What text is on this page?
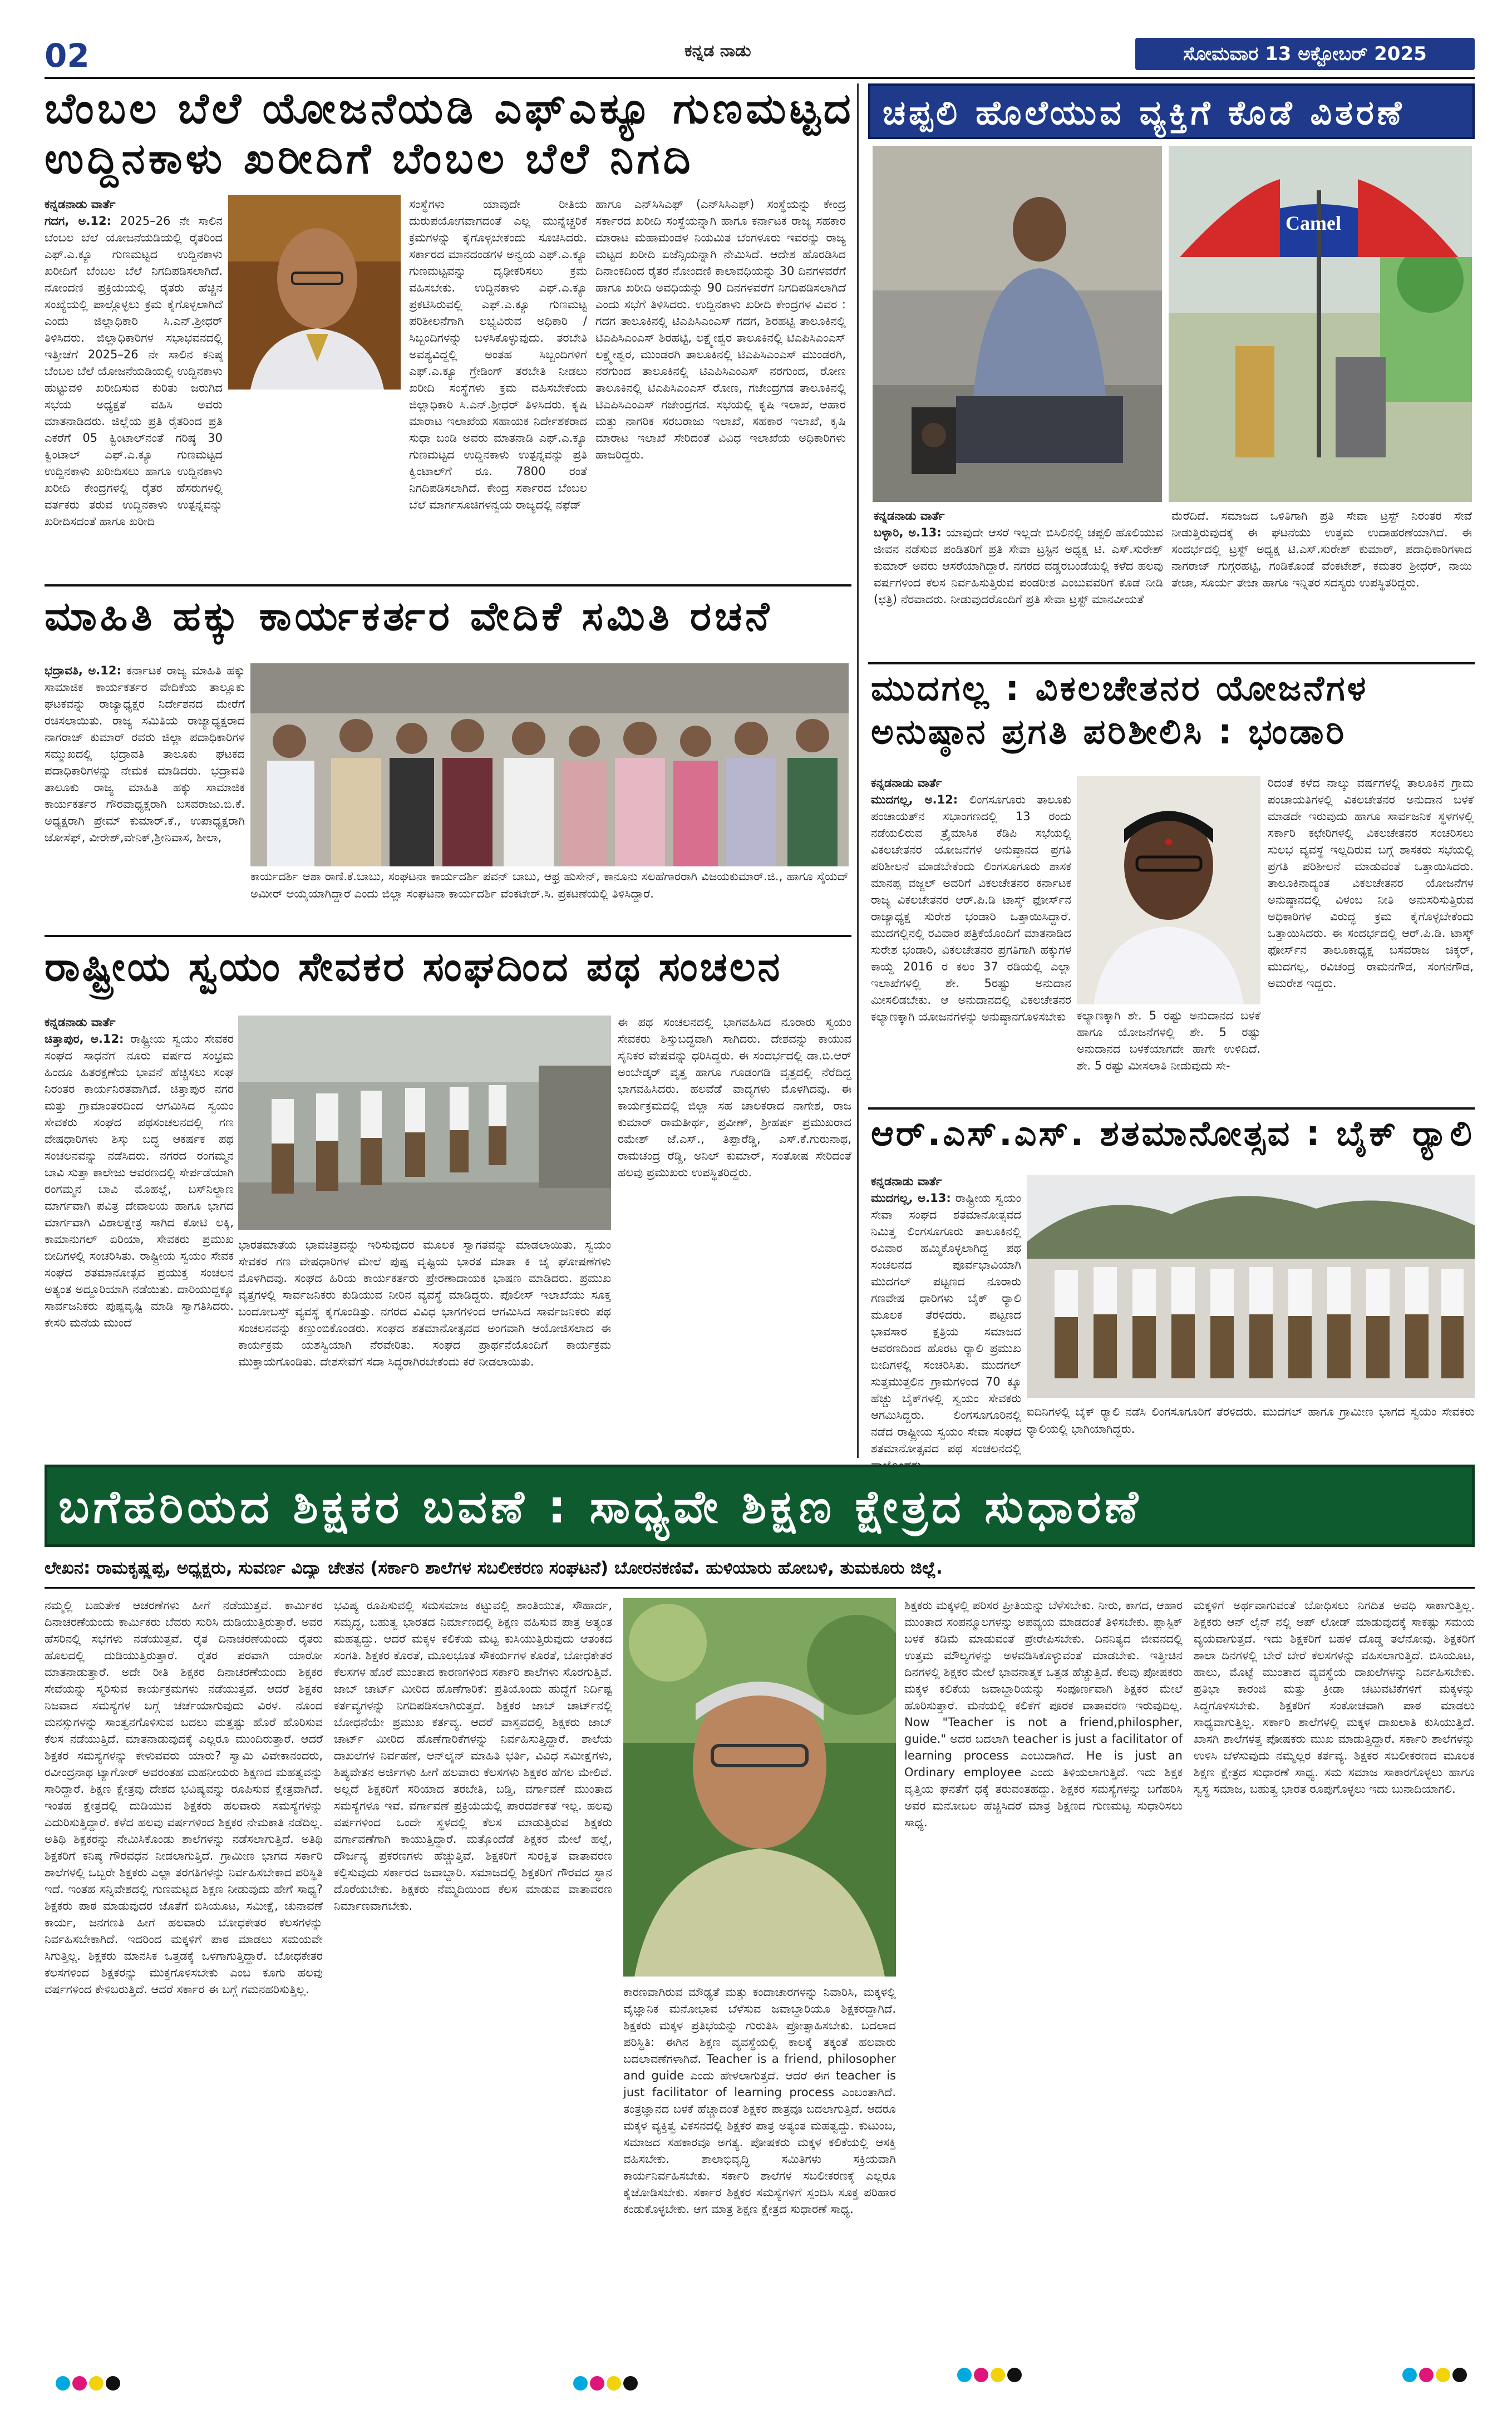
02	ಕನ್ನಡ ನಾಡು	ಸೋಮವಾರ 13 ಅಕ್ಟೋಬರ್ 2025
ಬೆಂಬಲ ಬೆಲೆ ಯೋಜನೆಯಡಿ ಎಫ್‌ಎಕ್ಯೂ ಗುಣಮಟ್ಟದ
ಉದ್ದಿನಕಾಳು ಖರೀದಿಗೆ ಬೆಂಬಲ ಬೆಲೆ ನಿಗದಿ
ಕನ್ನಡನಾಡು ವಾರ್ತೆ
ಗದಗ, ಅ.12: 2025–26 ನೇ ಸಾಲಿನ ಬೆಂಬಲ ಬೆಲೆ ಯೋಜನೆಯಡಿಯಲ್ಲಿ ರೈತರಿಂದ ಎಫ್.ಎ.ಕ್ಯೂ ಗುಣಮಟ್ಟದ ಉದ್ದಿನಕಾಳು ಖರೀದಿಗೆ ಬೆಂಬಲ ಬೆಲೆ ನಿಗದಿಪಡಿಸಲಾಗಿದೆ. ನೋಂದಣಿ ಪ್ರಕ್ರಿಯೆಯಲ್ಲಿ ರೈತರು ಹೆಚ್ಚಿನ ಸಂಖ್ಯೆಯಲ್ಲಿ ಪಾಲ್ಗೊಳ್ಳಲು ಕ್ರಮ ಕೈಗೊಳ್ಳಲಾಗಿದೆ ಎಂದು ಜಿಲ್ಲಾಧಿಕಾರಿ ಸಿ.ಎನ್.ಶ್ರೀಧರ್ ತಿಳಿಸಿದರು. ಜಿಲ್ಲಾಧಿಕಾರಿಗಳ ಸಭಾಭವನದಲ್ಲಿ ಇತ್ತೀಚೆಗೆ 2025–26 ನೇ ಸಾಲಿನ ಕನಿಷ್ಠ ಬೆಂಬಲ ಬೆಲೆ ಯೋಜನೆಯಡಿಯಲ್ಲಿ ಉದ್ದಿನಕಾಳು ಹುಟ್ಟುವಳಿ ಖರೀದಿಸುವ ಕುರಿತು ಜರುಗಿದ ಸಭೆಯ ಅಧ್ಯಕ್ಷತೆ ವಹಿಸಿ ಅವರು ಮಾತನಾಡಿದರು. ಜಿಲ್ಲೆಯ ಪ್ರತಿ ರೈತರಿಂದ ಪ್ರತಿ ಎಕರೆಗೆ 05 ಕ್ವಿಂಟಾಲ್‌ನಂತೆ ಗರಿಷ್ಠ 30 ಕ್ವಿಂಟಾಲ್ ಎಫ್.ಎ.ಕ್ಯೂ ಗುಣಮಟ್ಟದ ಉದ್ದಿನಕಾಳು ಖರೀದಿಸಲು ಹಾಗೂ ಉದ್ದಿನಕಾಳು ಖರೀದಿ ಕೇಂದ್ರಗಳಲ್ಲಿ ರೈತರ ಹೆಸರುಗಳಲ್ಲಿ ವರ್ತಕರು ತರುವ ಉದ್ದಿನಕಾಳು ಉತ್ಪನ್ನವನ್ನು ಖರೀದಿಸದಂತೆ ಹಾಗೂ ಖರೀದಿ
ಸಂಸ್ಥೆಗಳು ಯಾವುದೇ ರೀತಿಯ ದುರುಪಯೋಗವಾಗದಂತೆ ಎಲ್ಲ ಮುನ್ನೆಚ್ಚರಿಕೆ ಕ್ರಮಗಳನ್ನು ಕೈಗೊಳ್ಳಬೇಕೆಂದು ಸೂಚಿಸಿದರು. ಸರ್ಕಾರದ ಮಾನದಂಡಗಳ ಅನ್ವಯ ಎಫ್.ಎ.ಕ್ಯೂ ಗುಣಮಟ್ಟವನ್ನು ದೃಢೀಕರಿಸಲು ಕ್ರಮ ವಹಿಸಬೇಕು. ಉದ್ದಿನಕಾಳು ಎಫ್.ಎ.ಕ್ಯೂ ಪ್ರಕಟಿಸಿರುವಲ್ಲಿ ಎಫ್.ಎ.ಕ್ಯೂ ಗುಣಮಟ್ಟ ಪರಿಶೀಲನೆಗಾಗಿ ಲಭ್ಯವಿರುವ ಅಧಿಕಾರಿ / ಸಿಬ್ಬಂದಿಗಳನ್ನು ಬಳಸಿಕೊಳ್ಳುವುದು. ತರಬೇತಿ ಅವಶ್ಯವಿದ್ದಲ್ಲಿ ಅಂತಹ ಸಿಬ್ಬಂದಿಗಳಿಗೆ ಎಫ್.ಎ.ಕ್ಯೂ ಗ್ರೇಡಿಂಗ್ ತರಬೇತಿ ನೀಡಲು ಖರೀದಿ ಸಂಸ್ಥೆಗಳು ಕ್ರಮ ವಹಿಸಬೇಕೆಂದು ಜಿಲ್ಲಾಧಿಕಾರಿ ಸಿ.ಎನ್.ಶ್ರೀಧರ್ ತಿಳಿಸಿದರು. ಕೃಷಿ ಮಾರಾಟ ಇಲಾಖೆಯ ಸಹಾಯಕ ನಿರ್ದೇಶಕರಾದ ಸುಧಾ ಬಂಡಿ ಅವರು ಮಾತನಾಡಿ ಎಫ್.ಎ.ಕ್ಯೂ ಗುಣಮಟ್ಟದ ಉದ್ದಿನಕಾಳು ಉತ್ಪನ್ನವನ್ನು ಪ್ರತಿ ಕ್ವಿಂಟಾಲ್‌ಗೆ ರೂ. 7800 ರಂತೆ ನಿಗದಿಪಡಿಸಲಾಗಿದೆ. ಕೇಂದ್ರ ಸರ್ಕಾರದ ಬೆಂಬಲ ಬೆಲೆ ಮಾರ್ಗಸೂಚಿಗಳನ್ವಯ ರಾಜ್ಯದಲ್ಲಿ ನಫೆಡ್
ಹಾಗೂ ಎನ್‌ಸಿಸಿಎಫ್ (ಎನ್‌ಸಿಸಿಎಫ್) ಸಂಸ್ಥೆಯನ್ನು ಕೇಂದ್ರ ಸರ್ಕಾರದ ಖರೀದಿ ಸಂಸ್ಥೆಯನ್ನಾಗಿ ಹಾಗೂ ಕರ್ನಾಟಕ ರಾಜ್ಯ ಸಹಕಾರ ಮಾರಾಟ ಮಹಾಮಂಡಳ ನಿಯಮಿತ ಬೆಂಗಳೂರು ಇವರನ್ನು ರಾಜ್ಯ ಮಟ್ಟದ ಖರೀದಿ ಏಜೆನ್ಸಿಯನ್ನಾಗಿ ನೇಮಿಸಿದೆ. ಆದೇಶ ಹೊರಡಿಸಿದ ದಿನಾಂಕದಿಂದ ರೈತರ ನೋಂದಣಿ ಕಾಲಾವಧಿಯನ್ನು 30 ದಿನಗಳವರೆಗೆ ಹಾಗೂ ಖರೀದಿ ಅವಧಿಯನ್ನು 90 ದಿನಗಳವರೆಗೆ ನಿಗದಿಪಡಿಸಲಾಗಿದೆ ಎಂದು ಸಭೆಗೆ ತಿಳಿಸಿದರು. ಉದ್ದಿನಕಾಳು ಖರೀದಿ ಕೇಂದ್ರಗಳ ವಿವರ : ಗದಗ ತಾಲೂಕಿನಲ್ಲಿ ಟಿಎಪಿಸಿಎಂಎಸ್ ಗದಗ, ಶಿರಹಟ್ಟಿ ತಾಲೂಕಿನಲ್ಲಿ ಟಿಎಪಿಸಿಎಂಎಸ್ ಶಿರಹಟ್ಟಿ, ಲಕ್ಷ್ಮೇಶ್ವರ ತಾಲೂಕಿನಲ್ಲಿ ಟಿಎಪಿಸಿಎಂಎಸ್ ಲಕ್ಷ್ಮೇಶ್ವರ, ಮುಂಡರಗಿ ತಾಲೂಕಿನಲ್ಲಿ ಟಿಎಪಿಸಿಎಂಎಸ್ ಮುಂಡರಗಿ, ನರಗುಂದ ತಾಲೂಕಿನಲ್ಲಿ ಟಿಎಪಿಸಿಎಂಎಸ್ ನರಗುಂದ, ರೋಣ ತಾಲೂಕಿನಲ್ಲಿ ಟಿಎಪಿಸಿಎಂಎಸ್ ರೋಣ, ಗಜೇಂದ್ರಗಡ ತಾಲೂಕಿನಲ್ಲಿ ಟಿಎಪಿಸಿಎಂಎಸ್ ಗಜೇಂದ್ರಗಡ. ಸಭೆಯಲ್ಲಿ ಕೃಷಿ ಇಲಾಖೆ, ಆಹಾರ ಮತ್ತು ನಾಗರಿಕ ಸರಬರಾಜು ಇಲಾಖೆ, ಸಹಕಾರ ಇಲಾಖೆ, ಕೃಷಿ ಮಾರಾಟ ಇಲಾಖೆ ಸೇರಿದಂತೆ ವಿವಿಧ ಇಲಾಖೆಯ ಅಧಿಕಾರಿಗಳು ಹಾಜರಿದ್ದರು.
ಚಪ್ಪಲಿ ಹೊಲೆಯುವ ವ್ಯಕ್ತಿಗೆ ಕೊಡೆ ವಿತರಣೆ
Camel
ಕನ್ನಡನಾಡು ವಾರ್ತೆ
ಬಳ್ಳಾರಿ, ಅ.13: ಯಾವುದೇ ಆಸರೆ ಇಲ್ಲದೇ ಬಿಸಿಲಿನಲ್ಲಿ ಚಪ್ಪಲಿ ಹೊಲಿಯುವ ಜೀವನ ನಡೆಸುವ ಪಂಡಿತರಿಗೆ ಪ್ರತಿ ಸೇವಾ ಟ್ರಸ್ಟಿನ ಅಧ್ಯಕ್ಷ ಟಿ. ಎಸ್.ಸುರೇಶ್ ಕುಮಾರ್ ಅವರು ಆಸರೆಯಾಗಿದ್ದಾರೆ. ನಗರದ ವಡ್ಡರಬಂಡೆಯಲ್ಲಿ ಕಳೆದ ಹಲವು ವರ್ಷಗಳಿಂದ ಕೆಲಸ ನಿರ್ವಹಿಸುತ್ತಿರುವ ಪಂಡರೀಶ ಎಂಬುವವರಿಗೆ ಕೊಡೆ ನೀಡಿ (ಛತ್ರಿ) ನೆರವಾದರು. ನೀಡುವುದರೊಂದಿಗೆ ಪ್ರತಿ ಸೇವಾ ಟ್ರಸ್ಟ್ ಮಾನವೀಯತೆ
ಮೆರೆದಿದೆ. ಸಮಾಜದ ಒಳಿತಿಗಾಗಿ ಪ್ರತಿ ಸೇವಾ ಟ್ರಸ್ಟ್ ನಿರಂತರ ಸೇವೆ ನೀಡುತ್ತಿರುವುದಕ್ಕೆ ಈ ಘಟನೆಯು ಉತ್ತಮ ಉದಾಹರಣೆಯಾಗಿದೆ. ಈ ಸಂದರ್ಭದಲ್ಲಿ ಟ್ರಸ್ಟ್ ಅಧ್ಯಕ್ಷ ಟಿ.ಎಸ್.ಸುರೇಶ್ ಕುಮಾರ್, ಪದಾಧಿಕಾರಿಗಳಾದ ನಾಗರಾಜ್ ಗುಗ್ಗರಹಟ್ಟಿ, ಗಂಡಿಕೊಂಡೆ ವೆಂಕಟೇಶ್, ಕಮತರ ಶ್ರೀಧರ್, ನಾಯಿ ತೇಜಾ, ಸೂರ್ಯ ತೇಜಾ ಹಾಗೂ ಇನ್ನಿತರ ಸದಸ್ಯರು ಉಪಸ್ಥಿತರಿದ್ದರು.
ಮಾಹಿತಿ ಹಕ್ಕು ಕಾರ್ಯಕರ್ತರ ವೇದಿಕೆ ಸಮಿತಿ ರಚನೆ
ಭದ್ರಾವತಿ, ಅ.12: ಕರ್ನಾಟಕ ರಾಜ್ಯ ಮಾಹಿತಿ ಹಕ್ಕು ಸಾಮಾಜಿಕ ಕಾರ್ಯಕರ್ತರ ವೇದಿಕೆಯ ತಾಲ್ಲೂಕು ಘಟಕವನ್ನು ರಾಜ್ಯಾಧ್ಯಕ್ಷರ ನಿರ್ದೇಶನದ ಮೇರೆಗೆ ರಚಿಸಲಾಯಿತು. ರಾಜ್ಯ ಸಮಿತಿಯ ರಾಜ್ಯಾಧ್ಯಕ್ಷರಾದ ನಾಗರಾಜ್ ಕುಮಾರ್ ರವರು ಜಿಲ್ಲಾ ಪದಾಧಿಕಾರಿಗಳ ಸಮ್ಮುಖದಲ್ಲಿ ಭದ್ರಾವತಿ ತಾಲೂಕು ಘಟಕದ ಪದಾಧಿಕಾರಿಗಳನ್ನು ನೇಮಕ ಮಾಡಿದರು. ಭದ್ರಾವತಿ ತಾಲೂಕು ರಾಜ್ಯ ಮಾಹಿತಿ ಹಕ್ಕು ಸಾಮಾಜಿಕ ಕಾರ್ಯಕರ್ತರ ಗೌರವಾಧ್ಯಕ್ಷರಾಗಿ ಬಸವರಾಜು.ಬಿ.ಕೆ. ಅಧ್ಯಕ್ಷರಾಗಿ ಪ್ರೇಮ್ ಕುಮಾರ್.ಕೆ., ಉಪಾಧ್ಯಕ್ಷರಾಗಿ ಜೋಸೆಫ್, ವೀರೇಶ್,ವೇನಿಕ್,ಶ್ರೀನಿವಾಸ, ಶೀಲಾ,
ಕಾರ್ಯದರ್ಶಿ ಆಶಾ ರಾಣಿ.ಕೆ.ಬಾಬು, ಸಂಘಟನಾ ಕಾರ್ಯದರ್ಶಿ ಪವನ್ ಬಾಬು, ಆಫ್ರ ಹುಸೇನ್, ಕಾನೂನು ಸಲಹೆಗಾರರಾಗಿ ವಿಜಯಕುಮಾರ್.ಜಿ., ಹಾಗೂ ಸೈಯದ್ ಅಮೀರ್ ಆಯ್ಕೆಯಾಗಿದ್ದಾರೆ ಎಂದು ಜಿಲ್ಲಾ ಸಂಘಟನಾ ಕಾರ್ಯದರ್ಶಿ ವೆಂಕಟೇಶ್.ಸಿ. ಪ್ರಕಟಣೆಯಲ್ಲಿ ತಿಳಿಸಿದ್ದಾರೆ.
ಮುದಗಲ್ಲ : ವಿಕಲಚೇತನರ ಯೋಜನೆಗಳ
ಅನುಷ್ಠಾನ ಪ್ರಗತಿ ಪರಿಶೀಲಿಸಿ : ಭಂಡಾರಿ
ಕನ್ನಡನಾಡು ವಾರ್ತೆ
ಮುದಗಲ್ಲ, ಅ.12: ಲಿಂಗಸೂಗೂರು ತಾಲೂಕು ಪಂಚಾಯತ್‌ನ ಸಭಾಂಗಣದಲ್ಲಿ 13 ರಂದು ನಡೆಯಲಿರುವ ತ್ರೈಮಾಸಿಕ ಕೆಡಿಪಿ ಸಭೆಯಲ್ಲಿ ವಿಕಲಚೇತನರ ಯೋಜನೆಗಳ ಅನುಷ್ಠಾನದ ಪ್ರಗತಿ ಪರಿಶೀಲನೆ ಮಾಡಬೇಕೆಂದು ಲಿಂಗಸೂಗೂರು ಶಾಸಕ ಮಾನಪ್ಪ ವಜ್ಜಲ್ ಅವರಿಗೆ ವಿಕಲಚೇತನರ ಕರ್ನಾಟಕ ರಾಜ್ಯ ವಿಕಲಚೇತನರ ಆರ್.ಪಿ.ಡಿ ಟಾಸ್ಕ್ ಫೋರ್ಸ್‌ನ ರಾಜ್ಯಾಧ್ಯಕ್ಷ ಸುರೇಶ ಭಂಡಾರಿ ಒತ್ತಾಯಿಸಿದ್ದಾರೆ. ಮುದಗಲ್ಲಿನಲ್ಲಿ ರವಿವಾರ ಪತ್ರಿಕೆಯೊಂದಿಗೆ ಮಾತನಾಡಿದ ಸುರೇಶ ಭಂಡಾರಿ, ವಿಕಲಚೇತನರ ಪ್ರಗತಿಗಾಗಿ ಹಕ್ಕುಗಳ ಕಾಯ್ದೆ 2016 ರ ಕಲಂ 37 ರಡಿಯಲ್ಲಿ ಎಲ್ಲಾ ಇಲಾಖೆಗಳಲ್ಲಿ ಶೇ. 5ರಷ್ಟು ಅನುದಾನ ಮೀಸಲಿಡಬೇಕು. ಆ ಅನುದಾನದಲ್ಲಿ ವಿಕಲಚೇತನರ ಕಲ್ಯಾಣಕ್ಕಾಗಿ ಯೋಜನೆಗಳನ್ನು ಅನುಷ್ಠಾನಗೊಳಿಸಬೇಕು ಕಲ್ಯಾಣಕ್ಕಾಗಿ ಶೇ. 5 ರಷ್ಟು ಅನುದಾನದ ಬಳಕೆ ಹಾಗೂ ಯೋಜನೆಗಳಲ್ಲಿ ಶೇ. 5 ರಷ್ಟು ಅನುದಾನದ ಬಳಕೆಯಾಗದೇ ಹಾಗೇ ಉಳಿದಿದೆ. ಶೇ. 5 ರಷ್ಟು ಮೀಸಲಾತಿ ನೀಡುವುದು ಸೇ-
ರಿದಂತೆ ಕಳೆದ ನಾಲ್ಕು ವರ್ಷಗಳಲ್ಲಿ ತಾಲೂಕಿನ ಗ್ರಾಮ ಪಂಚಾಯತಿಗಳಲ್ಲಿ ವಿಕಲಚೇತನರ ಅನುದಾನ ಬಳಕೆ ಮಾಡದೇ ಇರುವುದು ಹಾಗೂ ಸಾರ್ವಜನಿಕ ಸ್ಥಳಗಳಲ್ಲಿ ಸರ್ಕಾರಿ ಕಛೇರಿಗಳಲ್ಲಿ ವಿಕಲಚೇತನರ ಸಂಚರಿಸಲು ಸುಲಭ ವ್ಯವಸ್ಥೆ ಇಲ್ಲದಿರುವ ಬಗ್ಗೆ ಶಾಸಕರು ಸಭೆಯಲ್ಲಿ ಪ್ರಗತಿ ಪರಿಶೀಲನೆ ಮಾಡುವಂತೆ ಒತ್ತಾಯಿಸಿದರು. ತಾಲೂಕಿನಾದ್ಯಂತ ವಿಕಲಚೇತನರ ಯೋಜನೆಗಳ ಅನುಷ್ಠಾನದಲ್ಲಿ ವಿಳಂಬ ನೀತಿ ಅನುಸರಿಸುತ್ತಿರುವ ಅಧಿಕಾರಿಗಳ ವಿರುದ್ಧ ಕ್ರಮ ಕೈಗೊಳ್ಳಬೇಕೆಂದು ಒತ್ತಾಯಿಸಿದರು. ಈ ಸಂದರ್ಭದಲ್ಲಿ ಆರ್.ಪಿ.ಡಿ. ಟಾಸ್ಕ್ ಫೋರ್ಸ್‌ನ ತಾಲೂಕಾಧ್ಯಕ್ಷ ಬಸವರಾಜ ಚಿಕ್ಕರ್, ಮುದಗಲ್ಲ, ರವಿಚಂದ್ರ ರಾಮನಗೌಡ, ಸಂಗನಗೌಡ, ಅಮರೇಶ ಇದ್ದರು.
ರಾಷ್ಟ್ರೀಯ ಸ್ವಯಂ ಸೇವಕರ ಸಂಘದಿಂದ ಪಥ ಸಂಚಲನ
ಕನ್ನಡನಾಡು ವಾರ್ತೆ
ಚಿತ್ತಾಪುರ, ಅ.12: ರಾಷ್ಟ್ರೀಯ ಸ್ವಯಂ ಸೇವಕರ ಸಂಘದ ಸಾಧನೆಗೆ ನೂರು ವರ್ಷದ ಸಂಭ್ರಮ ಹಿಂದೂ ಹಿತರಕ್ಷಣೆಯ ಭಾವನೆ ಹೆಚ್ಚಿಸಲು ಸಂಘ ನಿರಂತರ ಕಾರ್ಯನಿರತವಾಗಿದೆ. ಚಿತ್ತಾಪುರ ನಗರ ಮತ್ತು ಗ್ರಾಮಾಂತರದಿಂದ ಆಗಮಿಸಿದ ಸ್ವಯಂ ಸೇವಕರು ಸಂಘದ ಪಥಸಂಚಲನದಲ್ಲಿ ಗಣ ವೇಷಧಾರಿಗಳು ಶಿಸ್ತು ಬದ್ಧ ಆಕರ್ಷಕ ಪಥ ಸಂಚಲನವನ್ನು ನಡೆಸಿದರು. ನಗರದ ರಂಗಮ್ಮನ ಬಾವಿ ಸುತ್ತಾ ಕಾಲೇಜು ಆವರಣದಲ್ಲಿ ಸೇರ್ಪಡೆಯಾಗಿ ರಂಗಮ್ಮನ ಬಾವಿ ಮೊಹಲ್ಲೆ, ಬಸ್‌ನಿಲ್ದಾಣ ಮಾರ್ಗವಾಗಿ ಪವಿತ್ರ ದೇವಾಲಯ ಹಾಗೂ ಭಾಗದ ಮಾರ್ಗವಾಗಿ ವಿಶಾಲಕ್ಷೇತ್ರ ಸಾಗಿದ ಕೋಟಿ ಲಕ್ಕಿ, ಕಾಮಾನುಗಲ್ ಏರಿಯಾ, ಸೇವಕರು ಪ್ರಮುಖ ಬೀದಿಗಳಲ್ಲಿ ಸಂಚರಿಸಿತು. ರಾಷ್ಟ್ರೀಯ ಸ್ವಯಂ ಸೇವಕ ಸಂಘದ ಶತಮಾನೋತ್ಸವ ಪ್ರಯುಕ್ತ ಸಂಚಲನ ಅತ್ಯಂತ ಅದ್ದೂರಿಯಾಗಿ ನಡೆಯಿತು. ದಾರಿಯುದ್ದಕ್ಕೂ ಸಾರ್ವಜನಿಕರು ಪುಷ್ಪವೃಷ್ಟಿ ಮಾಡಿ ಸ್ವಾಗತಿಸಿದರು. ಕೇಸರಿ ಮನೆಯ ಮುಂದೆ
ಈ ಪಥ ಸಂಚಲನದಲ್ಲಿ ಭಾಗವಹಿಸಿದ ನೂರಾರು ಸ್ವಯಂ ಸೇವಕರು ಶಿಸ್ತುಬದ್ಧವಾಗಿ ಸಾಗಿದರು. ದೇಶವನ್ನು ಕಾಯುವ ಸೈನಿಕರ ವೇಷವನ್ನು ಧರಿಸಿದ್ದರು. ಈ ಸಂದರ್ಭದಲ್ಲಿ ಡಾ.ಬಿ.ಆರ್ ಅಂಬೇಡ್ಕರ್ ವೃತ್ತ ಹಾಗೂ ಗೂಡಂಗಡಿ ವೃತ್ತದಲ್ಲಿ ನೆರೆದಿದ್ದ ಭಾಗವಹಿಸಿದರು. ಹಲವೆಡೆ ವಾದ್ಯಗಳು ಮೊಳಗಿದವು. ಈ ಕಾರ್ಯಕ್ರಮದಲ್ಲಿ ಜಿಲ್ಲಾ ಸಹ ಚಾಲಕರಾದ ನಾಗೇಶ, ರಾಜ ಕುಮಾರ್ ರಾಮತೀರ್ಥ, ಪ್ರವೀಣ್, ಶ್ರೀಹರ್ಷ ಪ್ರಮುಖರಾದ ರಮೇಶ್ ಜೆ.ಎಸ್., ತಿಪ್ಪಾರೆಡ್ಡಿ, ಎಸ್.ಕೆ.ಗುರುನಾಥ, ರಾಮಚಂದ್ರ ರೆಡ್ಡಿ, ಅನಿಲ್ ಕುಮಾರ್, ಸಂತೋಷ ಸೇರಿದಂತೆ ಹಲವು ಪ್ರಮುಖರು ಉಪಸ್ಥಿತರಿದ್ದರು.
ಭಾರತಮಾತೆಯ ಭಾವಚಿತ್ರವನ್ನು ಇರಿಸುವುದರ ಮೂಲಕ ಸ್ವಾಗತವನ್ನು ಮಾಡಲಾಯಿತು. ಸ್ವಯಂ ಸೇವಕರ ಗಣ ವೇಷಧಾರಿಗಳ ಮೇಲೆ ಪುಷ್ಪ ವೃಷ್ಟಿಯ ಭಾರತ ಮಾತಾ ಕಿ ಜೈ ಘೋಷಣೆಗಳು ಮೊಳಗಿದವು. ಸಂಘದ ಹಿರಿಯ ಕಾರ್ಯಕರ್ತರು ಪ್ರೇರಣಾದಾಯಕ ಭಾಷಣ ಮಾಡಿದರು. ಪ್ರಮುಖ ವೃತ್ತಗಳಲ್ಲಿ ಸಾರ್ವಜನಿಕರು ಕುಡಿಯುವ ನೀರಿನ ವ್ಯವಸ್ಥೆ ಮಾಡಿದ್ದರು. ಪೊಲೀಸ್ ಇಲಾಖೆಯು ಸೂಕ್ತ ಬಂದೋಬಸ್ತ್ ವ್ಯವಸ್ಥೆ ಕೈಗೊಂಡಿತ್ತು. ನಗರದ ವಿವಿಧ ಭಾಗಗಳಿಂದ ಆಗಮಿಸಿದ ಸಾರ್ವಜನಿಕರು ಪಥ ಸಂಚಲನವನ್ನು ಕಣ್ತುಂಬಿಕೊಂಡರು. ಸಂಘದ ಶತಮಾನೋತ್ಸವದ ಅಂಗವಾಗಿ ಆಯೋಜಿಸಲಾದ ಈ ಕಾರ್ಯಕ್ರಮ ಯಶಸ್ವಿಯಾಗಿ ನೆರವೇರಿತು. ಸಂಘದ ಪ್ರಾರ್ಥನೆಯೊಂದಿಗೆ ಕಾರ್ಯಕ್ರಮ ಮುಕ್ತಾಯಗೊಂಡಿತು. ದೇಶಸೇವೆಗೆ ಸದಾ ಸಿದ್ಧರಾಗಿರಬೇಕೆಂದು ಕರೆ ನೀಡಲಾಯಿತು.
ಆರ್.ಎಸ್.ಎಸ್. ಶತಮಾನೋತ್ಸವ : ಬೈಕ್ ರ‍್ಯಾಲಿ
ಕನ್ನಡನಾಡು ವಾರ್ತೆ
ಮುದಗಲ್ಲ, ಅ.13: ರಾಷ್ಟ್ರೀಯ ಸ್ವಯಂ ಸೇವಾ ಸಂಘದ ಶತಮಾನೋತ್ಸವದ ನಿಮಿತ್ತ ಲಿಂಗಸೂಗೂರು ತಾಲೂಕಿನಲ್ಲಿ ರವಿವಾರ ಹಮ್ಮಿಕೊಳ್ಳಲಾಗಿದ್ದ ಪಥ ಸಂಚಲನದ ಪೂರ್ವಭಾವಿಯಾಗಿ ಮುದಗಲ್ ಪಟ್ಟಣದ ನೂರಾರು ಗಣವೇಷ ಧಾರಿಗಳು ಬೈಕ್ ರ‍್ಯಾಲಿ ಮೂಲಕ ತೆರಳಿದರು. ಪಟ್ಟಣದ ಭಾವಸಾರ ಕ್ಷತ್ರಿಯ ಸಮಾಜದ ಆವರಣದಿಂದ ಹೊರಟ ರ‍್ಯಾಲಿ ಪ್ರಮುಖ ಬೀದಿಗಳಲ್ಲಿ ಸಂಚರಿಸಿತು. ಮುದಗಲ್ ಸುತ್ತಮುತ್ತಲಿನ ಗ್ರಾಮಗಳಿಂದ 70 ಕ್ಕೂ ಹೆಚ್ಚು ಬೈಕ್‌ಗಳಲ್ಲಿ ಸ್ವಯಂ ಸೇವಕರು ಆಗಮಿಸಿದ್ದರು. ಲಿಂಗಸೂಗೂರಿನಲ್ಲಿ ನಡೆದ ರಾಷ್ಟ್ರೀಯ ಸ್ವಯಂ ಸೇವಾ ಸಂಘದ ಶತಮಾನೋತ್ಸವದ ಪಥ ಸಂಚಲನದಲ್ಲಿ
ಐದಿನಿಗಳಲ್ಲಿ ಬೈಕ್ ರ‍್ಯಾಲಿ ನಡೆಸಿ ಲಿಂಗಸೂಗೂರಿಗೆ ತೆರಳಿದರು. ಮುದಗಲ್ ಹಾಗೂ ಗ್ರಾಮೀಣ ಭಾಗದ ಸ್ವಯಂ ಸೇವಕರು ರ‍್ಯಾಲಿಯಲ್ಲಿ ಭಾಗಿಯಾಗಿದ್ದರು.
ಬಗೆಹರಿಯದ ಶಿಕ್ಷಕರ ಬವಣೆ : ಸಾಧ್ಯವೇ ಶಿಕ್ಷಣ ಕ್ಷೇತ್ರದ ಸುಧಾರಣೆ
ಲೇಖನ: ರಾಮಕೃಷ್ಣಪ್ಪ, ಅಧ್ಯಕ್ಷರು, ಸುವರ್ಣ ವಿದ್ಯಾ ಚೇತನ (ಸರ್ಕಾರಿ ಶಾಲೆಗಳ ಸಬಲೀಕರಣ ಸಂಘಟನೆ) ಬೋರನಕಣಿವೆ. ಹುಳಿಯಾರು ಹೋಬಳಿ, ತುಮಕೂರು ಜಿಲ್ಲೆ.
ನಮ್ಮಲ್ಲಿ ಬಹುತೇಕ ಆಚರಣೆಗಳು ಹೀಗೆ ನಡೆಯುತ್ತವೆ. ಕಾರ್ಮಿಕರ ದಿನಾಚರಣೆಯಂದು ಕಾರ್ಮಿಕರು ಬೆವರು ಸುರಿಸಿ ದುಡಿಯುತ್ತಿರುತ್ತಾರೆ. ಅವರ ಹೆಸರಿನಲ್ಲಿ ಸಭೆಗಳು ನಡೆಯುತ್ತವೆ. ರೈತ ದಿನಾಚರಣೆಯಂದು ರೈತರು ಹೊಲದಲ್ಲಿ ದುಡಿಯುತ್ತಿರುತ್ತಾರೆ. ರೈತರ ಪರವಾಗಿ ಯಾರೋ ಮಾತನಾಡುತ್ತಾರೆ. ಅದೇ ರೀತಿ ಶಿಕ್ಷಕರ ದಿನಾಚರಣೆಯಂದು ಶಿಕ್ಷಕರ ಸೇವೆಯನ್ನು ಸ್ಮರಿಸುವ ಕಾರ್ಯಕ್ರಮಗಳು ನಡೆಯುತ್ತವೆ. ಆದರೆ ಶಿಕ್ಷಕರ ನಿಜವಾದ ಸಮಸ್ಯೆಗಳ ಬಗ್ಗೆ ಚರ್ಚೆಯಾಗುವುದು ವಿರಳ. ನೊಂದ ಮನಸ್ಸುಗಳನ್ನು ಸಾಂತ್ವನಗೊಳಿಸುವ ಬದಲು ಮತ್ತಷ್ಟು ಹೊರೆ ಹೊರಿಸುವ ಕೆಲಸ ನಡೆಯುತ್ತಿದೆ. ಮಾತನಾಡುವುದಕ್ಕೆ ಎಲ್ಲರೂ ಮುಂದಿರುತ್ತಾರೆ. ಆದರೆ ಶಿಕ್ಷಕರ ಸಮಸ್ಯೆಗಳನ್ನು ಕೇಳುವವರು ಯಾರು? ಸ್ವಾಮಿ ವಿವೇಕಾನಂದರು, ರವೀಂದ್ರನಾಥ ಟ್ಯಾಗೋರ್ ಅವರಂತಹ ಮಹನೀಯರು ಶಿಕ್ಷಣದ ಮಹತ್ವವನ್ನು ಸಾರಿದ್ದಾರೆ. ಶಿಕ್ಷಣ ಕ್ಷೇತ್ರವು ದೇಶದ ಭವಿಷ್ಯವನ್ನು ರೂಪಿಸುವ ಕ್ಷೇತ್ರವಾಗಿದೆ. ಇಂತಹ ಕ್ಷೇತ್ರದಲ್ಲಿ ದುಡಿಯುವ ಶಿಕ್ಷಕರು ಹಲವಾರು ಸಮಸ್ಯೆಗಳನ್ನು ಎದುರಿಸುತ್ತಿದ್ದಾರೆ. ಕಳೆದ ಹಲವು ವರ್ಷಗಳಿಂದ ಶಿಕ್ಷಕರ ನೇಮಕಾತಿ ನಡೆದಿಲ್ಲ. ಅತಿಥಿ ಶಿಕ್ಷಕರನ್ನು ನೇಮಿಸಿಕೊಂಡು ಶಾಲೆಗಳನ್ನು ನಡೆಸಲಾಗುತ್ತಿದೆ. ಅತಿಥಿ ಶಿಕ್ಷಕರಿಗೆ ಕನಿಷ್ಠ ಗೌರವಧನ ನೀಡಲಾಗುತ್ತಿದೆ. ಗ್ರಾಮೀಣ ಭಾಗದ ಸರ್ಕಾರಿ ಶಾಲೆಗಳಲ್ಲಿ ಒಬ್ಬರೇ ಶಿಕ್ಷಕರು ಎಲ್ಲಾ ತರಗತಿಗಳನ್ನು ನಿರ್ವಹಿಸಬೇಕಾದ ಪರಿಸ್ಥಿತಿ ಇದೆ. ಇಂತಹ ಸನ್ನಿವೇಶದಲ್ಲಿ ಗುಣಮಟ್ಟದ ಶಿಕ್ಷಣ ನೀಡುವುದು ಹೇಗೆ ಸಾಧ್ಯ? ಶಿಕ್ಷಕರು ಪಾಠ ಮಾಡುವುದರ ಜೊತೆಗೆ ಬಿಸಿಯೂಟ, ಸಮೀಕ್ಷೆ, ಚುನಾವಣೆ ಕಾರ್ಯ, ಜನಗಣತಿ ಹೀಗೆ ಹಲವಾರು ಬೋಧಕೇತರ ಕೆಲಸಗಳನ್ನು ನಿರ್ವಹಿಸಬೇಕಾಗಿದೆ. ಇದರಿಂದ ಮಕ್ಕಳಿಗೆ ಪಾಠ ಮಾಡಲು ಸಮಯವೇ ಸಿಗುತ್ತಿಲ್ಲ. ಶಿಕ್ಷಕರು ಮಾನಸಿಕ ಒತ್ತಡಕ್ಕೆ ಒಳಗಾಗುತ್ತಿದ್ದಾರೆ. ಬೋಧಕೇತರ ಕೆಲಸಗಳಿಂದ ಶಿಕ್ಷಕರನ್ನು ಮುಕ್ತಗೊಳಿಸಬೇಕು ಎಂಬ ಕೂಗು ಹಲವು ವರ್ಷಗಳಿಂದ ಕೇಳಿಬರುತ್ತಿದೆ. ಆದರೆ ಸರ್ಕಾರ ಈ ಬಗ್ಗೆ ಗಮನಹರಿಸುತ್ತಿಲ್ಲ.
ಭವಿಷ್ಯ ರೂಪಿಸುವಲ್ಲಿ ಸಮಸಮಾಜ ಕಟ್ಟುವಲ್ಲಿ ಶಾಂತಿಯುತ, ಸೌಹಾರ್ದ, ಸಮೃದ್ಧ, ಬಹುತ್ವ ಭಾರತದ ನಿರ್ಮಾಣದಲ್ಲಿ ಶಿಕ್ಷಣ ವಹಿಸುವ ಪಾತ್ರ ಅತ್ಯಂತ ಮಹತ್ವದ್ದು. ಆದರೆ ಮಕ್ಕಳ ಕಲಿಕೆಯ ಮಟ್ಟ ಕುಸಿಯುತ್ತಿರುವುದು ಆತಂಕದ ಸಂಗತಿ. ಶಿಕ್ಷಕರ ಕೊರತೆ, ಮೂಲಭೂತ ಸೌಕರ್ಯಗಳ ಕೊರತೆ, ಬೋಧಕೇತರ ಕೆಲಸಗಳ ಹೊರೆ ಮುಂತಾದ ಕಾರಣಗಳಿಂದ ಸರ್ಕಾರಿ ಶಾಲೆಗಳು ಸೊರಗುತ್ತಿವೆ. ಜಾಬ್ ಚಾರ್ಟ್ ಮೀರಿದ ಹೊಣೆಗಾರಿಕೆ: ಪ್ರತಿಯೊಂದು ಹುದ್ದೆಗೆ ನಿರ್ದಿಷ್ಟ ಕರ್ತವ್ಯಗಳನ್ನು ನಿಗದಿಪಡಿಸಲಾಗಿರುತ್ತದೆ. ಶಿಕ್ಷಕರ ಜಾಬ್ ಚಾರ್ಟ್‌ನಲ್ಲಿ ಬೋಧನೆಯೇ ಪ್ರಮುಖ ಕರ್ತವ್ಯ. ಆದರೆ ವಾಸ್ತವದಲ್ಲಿ ಶಿಕ್ಷಕರು ಜಾಬ್ ಚಾರ್ಟ್ ಮೀರಿದ ಹೊಣೆಗಾರಿಕೆಗಳನ್ನು ನಿರ್ವಹಿಸುತ್ತಿದ್ದಾರೆ. ಶಾಲೆಯ ದಾಖಲೆಗಳ ನಿರ್ವಹಣೆ, ಆನ್‌ಲೈನ್ ಮಾಹಿತಿ ಭರ್ತಿ, ವಿವಿಧ ಸಮೀಕ್ಷೆಗಳು, ಶಿಷ್ಯವೇತನ ಅರ್ಜಿಗಳು ಹೀಗೆ ಹಲವಾರು ಕೆಲಸಗಳು ಶಿಕ್ಷಕರ ಹೆಗಲ ಮೇಲಿವೆ. ಅಲ್ಲದೆ ಶಿಕ್ಷಕರಿಗೆ ಸರಿಯಾದ ತರಬೇತಿ, ಬಡ್ತಿ, ವರ್ಗಾವಣೆ ಮುಂತಾದ ಸಮಸ್ಯೆಗಳೂ ಇವೆ. ವರ್ಗಾವಣೆ ಪ್ರಕ್ರಿಯೆಯಲ್ಲಿ ಪಾರದರ್ಶಕತೆ ಇಲ್ಲ. ಹಲವು ವರ್ಷಗಳಿಂದ ಒಂದೇ ಸ್ಥಳದಲ್ಲಿ ಕೆಲಸ ಮಾಡುತ್ತಿರುವ ಶಿಕ್ಷಕರು ವರ್ಗಾವಣೆಗಾಗಿ ಕಾಯುತ್ತಿದ್ದಾರೆ. ಮತ್ತೊಂದೆಡೆ ಶಿಕ್ಷಕರ ಮೇಲೆ ಹಲ್ಲೆ, ದೌರ್ಜನ್ಯ ಪ್ರಕರಣಗಳು ಹೆಚ್ಚುತ್ತಿವೆ. ಶಿಕ್ಷಕರಿಗೆ ಸುರಕ್ಷಿತ ವಾತಾವರಣ ಕಲ್ಪಿಸುವುದು ಸರ್ಕಾರದ ಜವಾಬ್ದಾರಿ. ಸಮಾಜದಲ್ಲಿ ಶಿಕ್ಷಕರಿಗೆ ಗೌರವದ ಸ್ಥಾನ ದೊರೆಯಬೇಕು. ಶಿಕ್ಷಕರು ನೆಮ್ಮದಿಯಿಂದ ಕೆಲಸ ಮಾಡುವ ವಾತಾವರಣ ನಿರ್ಮಾಣವಾಗಬೇಕು.
ಕಾರಣವಾಗಿರುವ ಮೌಢ್ಯತೆ ಮತ್ತು ಕಂದಾಚಾರಗಳನ್ನು ನಿವಾರಿಸಿ, ಮಕ್ಕಳಲ್ಲಿ ವೈಜ್ಞಾನಿಕ ಮನೋಭಾವ ಬೆಳೆಸುವ ಜವಾಬ್ದಾರಿಯೂ ಶಿಕ್ಷಕರದ್ದಾಗಿದೆ. ಶಿಕ್ಷಕರು ಮಕ್ಕಳ ಪ್ರತಿಭೆಯನ್ನು ಗುರುತಿಸಿ ಪ್ರೋತ್ಸಾಹಿಸಬೇಕು. ಬದಲಾದ ಪರಿಸ್ಥಿತಿ: ಈಗಿನ ಶಿಕ್ಷಣ ವ್ಯವಸ್ಥೆಯಲ್ಲಿ ಕಾಲಕ್ಕೆ ತಕ್ಕಂತೆ ಹಲವಾರು ಬದಲಾವಣೆಗಳಾಗಿವೆ. Teacher is a friend, philosopher and guide ಎಂದು ಹೇಳಲಾಗುತ್ತದೆ. ಆದರೆ ಈಗ teacher is just facilitator of learning process ಎಂಬಂತಾಗಿದೆ. ತಂತ್ರಜ್ಞಾನದ ಬಳಕೆ ಹೆಚ್ಚಾದಂತೆ ಶಿಕ್ಷಕರ ಪಾತ್ರವೂ ಬದಲಾಗುತ್ತಿದೆ. ಆದರೂ ಮಕ್ಕಳ ವ್ಯಕ್ತಿತ್ವ ವಿಕಸನದಲ್ಲಿ ಶಿಕ್ಷಕರ ಪಾತ್ರ ಅತ್ಯಂತ ಮಹತ್ವದ್ದು. ಕುಟುಂಬ, ಸಮಾಜದ ಸಹಕಾರವೂ ಅಗತ್ಯ. ಪೋಷಕರು ಮಕ್ಕಳ ಕಲಿಕೆಯಲ್ಲಿ ಆಸಕ್ತಿ ವಹಿಸಬೇಕು. ಶಾಲಾಭಿವೃದ್ಧಿ ಸಮಿತಿಗಳು ಸಕ್ರಿಯವಾಗಿ ಕಾರ್ಯನಿರ್ವಹಿಸಬೇಕು. ಸರ್ಕಾರಿ ಶಾಲೆಗಳ ಸಬಲೀಕರಣಕ್ಕೆ ಎಲ್ಲರೂ ಕೈಜೋಡಿಸಬೇಕು. ಸರ್ಕಾರ ಶಿಕ್ಷಕರ ಸಮಸ್ಯೆಗಳಿಗೆ ಸ್ಪಂದಿಸಿ ಸೂಕ್ತ ಪರಿಹಾರ ಕಂಡುಕೊಳ್ಳಬೇಕು. ಆಗ ಮಾತ್ರ ಶಿಕ್ಷಣ ಕ್ಷೇತ್ರದ ಸುಧಾರಣೆ ಸಾಧ್ಯ.
ಶಿಕ್ಷಕರು ಮಕ್ಕಳಲ್ಲಿ ಪರಿಸರ ಪ್ರೀತಿಯನ್ನು ಬೆಳೆಸಬೇಕು. ನೀರು, ಕಾಗದ, ಆಹಾರ ಮುಂತಾದ ಸಂಪನ್ಮೂಲಗಳನ್ನು ಅಪವ್ಯಯ ಮಾಡದಂತೆ ತಿಳಿಸಬೇಕು. ಪ್ಲಾಸ್ಟಿಕ್ ಬಳಕೆ ಕಡಿಮೆ ಮಾಡುವಂತೆ ಪ್ರೇರೇಪಿಸಬೇಕು. ದಿನನಿತ್ಯದ ಜೀವನದಲ್ಲಿ ಉತ್ತಮ ಮೌಲ್ಯಗಳನ್ನು ಅಳವಡಿಸಿಕೊಳ್ಳುವಂತೆ ಮಾಡಬೇಕು. ಇತ್ತೀಚಿನ ದಿನಗಳಲ್ಲಿ ಶಿಕ್ಷಕರ ಮೇಲೆ ಭಾವನಾತ್ಮಕ ಒತ್ತಡ ಹೆಚ್ಚುತ್ತಿದೆ. ಕೆಲವು ಪೋಷಕರು ಮಕ್ಕಳ ಕಲಿಕೆಯ ಜವಾಬ್ದಾರಿಯನ್ನು ಸಂಪೂರ್ಣವಾಗಿ ಶಿಕ್ಷಕರ ಮೇಲೆ ಹೊರಿಸುತ್ತಾರೆ. ಮನೆಯಲ್ಲಿ ಕಲಿಕೆಗೆ ಪೂರಕ ವಾತಾವರಣ ಇರುವುದಿಲ್ಲ. Now "Teacher is not a friend,philospher, guide." ಅದರ ಬದಲಾಗಿ teacher is just a facilitator of learning process ಎಂಬುದಾಗಿದೆ. He is just an Ordinary employee ಎಂದು ತಿಳಿಯಲಾಗುತ್ತಿದೆ. ಇದು ಶಿಕ್ಷಕ ವೃತ್ತಿಯ ಘನತೆಗೆ ಧಕ್ಕೆ ತರುವಂತಹದ್ದು. ಶಿಕ್ಷಕರ ಸಮಸ್ಯೆಗಳನ್ನು ಬಗೆಹರಿಸಿ ಅವರ ಮನೋಬಲ ಹೆಚ್ಚಿಸಿದರೆ ಮಾತ್ರ ಶಿಕ್ಷಣದ ಗುಣಮಟ್ಟ ಸುಧಾರಿಸಲು ಸಾಧ್ಯ.
ಮಕ್ಕಳಿಗೆ ಅರ್ಥವಾಗುವಂತೆ ಬೋಧಿಸಲು ನಿಗದಿತ ಅವಧಿ ಸಾಕಾಗುತ್ತಿಲ್ಲ. ಶಿಕ್ಷಕರು ಆನ್ ಲೈನ್ ನಲ್ಲಿ ಆಪ್ ಲೋಡ್ ಮಾಡುವುದಕ್ಕೆ ಸಾಕಷ್ಟು ಸಮಯ ವ್ಯಯವಾಗುತ್ತದೆ. ಇದು ಶಿಕ್ಷಕರಿಗೆ ಬಹಳ ದೊಡ್ಡ ತಲೆನೋವು. ಶಿಕ್ಷಕರಿಗೆ ಶಾಲಾ ದಿನಗಳಲ್ಲಿ ಬೇರೆ ಬೇರೆ ಕೆಲಸಗಳನ್ನು ವಹಿಸಲಾಗುತ್ತಿದೆ. ಬಿಸಿಯೂಟ, ಹಾಲು, ಮೊಟ್ಟೆ ಮುಂತಾದ ವ್ಯವಸ್ಥೆಯ ದಾಖಲೆಗಳನ್ನು ನಿರ್ವಹಿಸಬೇಕು. ಪ್ರತಿಭಾ ಕಾರಂಜಿ ಮತ್ತು ಕ್ರೀಡಾ ಚಟುವಟಿಕೆಗಳಿಗೆ ಮಕ್ಕಳನ್ನು ಸಿದ್ಧಗೊಳಿಸಬೇಕು. ಶಿಕ್ಷಕರಿಗೆ ಸಂಕೋಚವಾಗಿ ಪಾಠ ಮಾಡಲು ಸಾಧ್ಯವಾಗುತ್ತಿಲ್ಲ. ಸರ್ಕಾರಿ ಶಾಲೆಗಳಲ್ಲಿ ಮಕ್ಕಳ ದಾಖಲಾತಿ ಕುಸಿಯುತ್ತಿದೆ. ಖಾಸಗಿ ಶಾಲೆಗಳತ್ತ ಪೋಷಕರು ಮುಖ ಮಾಡುತ್ತಿದ್ದಾರೆ. ಸರ್ಕಾರಿ ಶಾಲೆಗಳನ್ನು ಉಳಿಸಿ ಬೆಳೆಸುವುದು ನಮ್ಮೆಲ್ಲರ ಕರ್ತವ್ಯ. ಶಿಕ್ಷಕರ ಸಬಲೀಕರಣದ ಮೂಲಕ ಶಿಕ್ಷಣ ಕ್ಷೇತ್ರದ ಸುಧಾರಣೆ ಸಾಧ್ಯ. ಸಮ ಸಮಾಜ ಸಾಕಾರಗೊಳ್ಳಲು ಹಾಗೂ ಸ್ವಸ್ಥ ಸಮಾಜ, ಬಹುತ್ವ ಭಾರತ ರೂಪುಗೊಳ್ಳಲು ಇದು ಬುನಾದಿಯಾಗಲಿ.
